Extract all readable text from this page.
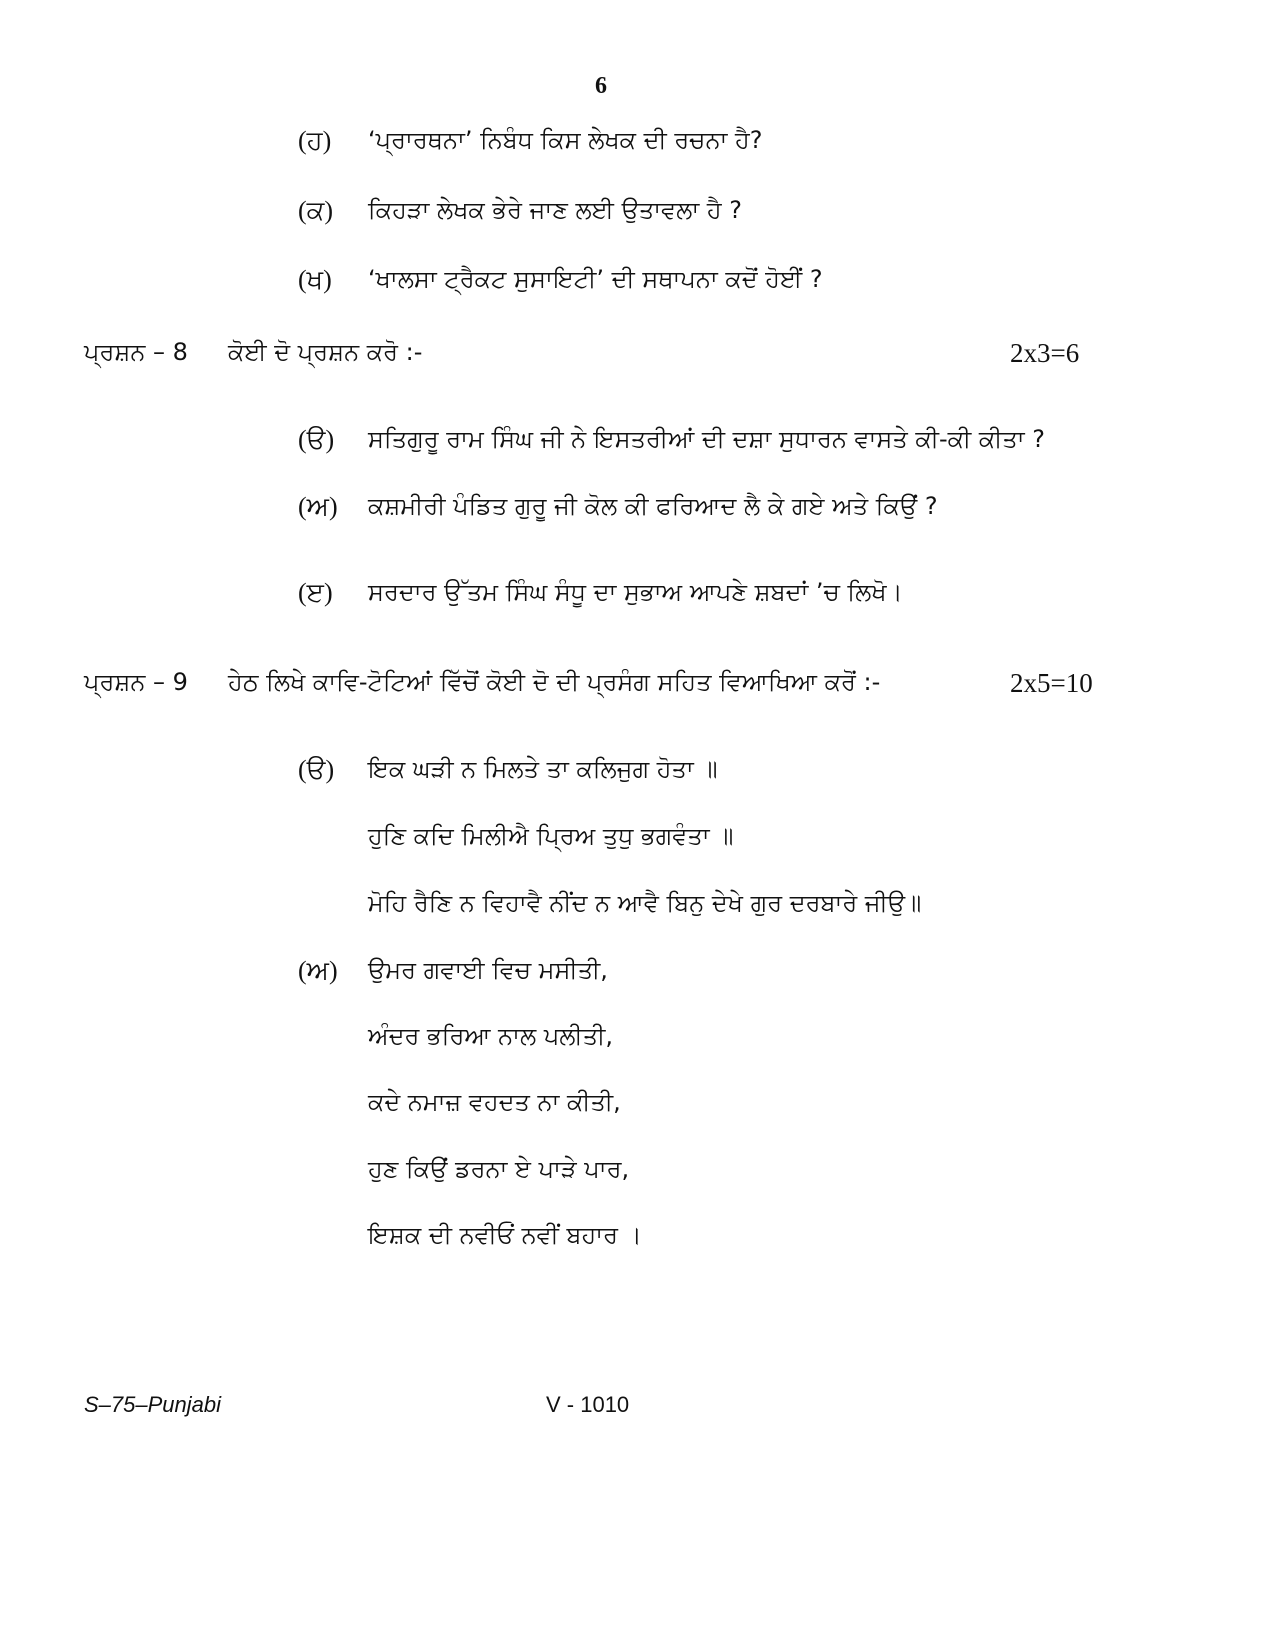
6
(ਹ) ‘ਪ੍ਰਾਰਥਨਾ’ ਨਿਬੰਧ ਕਿਸ ਲੇਖਕ ਦੀ ਰਚਨਾ ਹੈ?
(ਕ) ਕਿਹੜਾ ਲੇਖਕ ਭੇਰੇ ਜਾਣ ਲਈ ਉਤਾਵਲਾ ਹੈ ?
(ਖ) ‘ਖਾਲਸਾ ਟ੍ਰੈਕਟ ਸੁਸਾਇਟੀ’ ਦੀ ਸਥਾਪਨਾ ਕਦੋਂ ਹੋਈਂ ?
ਪ੍ਰਸ਼ਨ – 8 ਕੋਈ ਦੋ ਪ੍ਰਸ਼ਨ ਕਰੋ :-	2x3=6
(ੳ) ਸਤਿਗੁਰੂ ਰਾਮ ਸਿੰਘ ਜੀ ਨੇ ਇਸਤਰੀਆਂ ਦੀ ਦਸ਼ਾ ਸੁਧਾਰਨ ਵਾਸਤੇ ਕੀ-ਕੀ ਕੀਤਾ ?
(ਅ) ਕਸ਼ਮੀਰੀ ਪੰਡਿਤ ਗੁਰੂ ਜੀ ਕੋਲ ਕੀ ਫਰਿਆਦ ਲੈ ਕੇ ਗਏ ਅਤੇ ਕਿਉਂ ?
(ੲ) ਸਰਦਾਰ ਉੱਤਮ ਸਿੰਘ ਸੰਧੂ ਦਾ ਸੁਭਾਅ ਆਪਣੇ ਸ਼ਬਦਾਂ ’ਚ ਲਿਖੋ।
ਪ੍ਰਸ਼ਨ – 9 ਹੇਠ ਲਿਖੇ ਕਾਵਿ-ਟੋਟਿਆਂ ਵਿੱਚੋਂ ਕੋਈ ਦੋ ਦੀ ਪ੍ਰਸੰਗ ਸਹਿਤ ਵਿਆਖਿਆ ਕਰੋਂ :-	2x5=10
(ੳ) ਇਕ ਘੜੀ ਨ ਮਿਲਤੇ ਤਾ ਕਲਿਜੁਗ ਹੋਤਾ ॥
ਹੁਣਿ ਕਦਿ ਮਿਲੀਐ ਪ੍ਰਿਅ ਤੁਧੁ ਭਗਵੰਤਾ ॥
ਮੋਹਿ ਰੈਣਿ ਨ ਵਿਹਾਵੈ ਨੀਂਦ ਨ ਆਵੈ ਬਿਨੁ ਦੇਖੇ ਗੁਰ ਦਰਬਾਰੇ ਜੀਉ॥
(ਅ) ਉਮਰ ਗਵਾਈ ਵਿਚ ਮਸੀਤੀ,
ਅੰਦਰ ਭਰਿਆ ਨਾਲ ਪਲੀਤੀ,
ਕਦੇ ਨਮਾਜ਼ ਵਹਦਤ ਨਾ ਕੀਤੀ,
ਹੁਣ ਕਿਉਂ ਡਰਨਾ ਏ ਪਾੜੇ ਪਾਰ,
ਇਸ਼ਕ ਦੀ ਨਵੀਓਂ ਨਵੀਂ ਬਹਾਰ ।
S–75–Punjabi	V - 1010
